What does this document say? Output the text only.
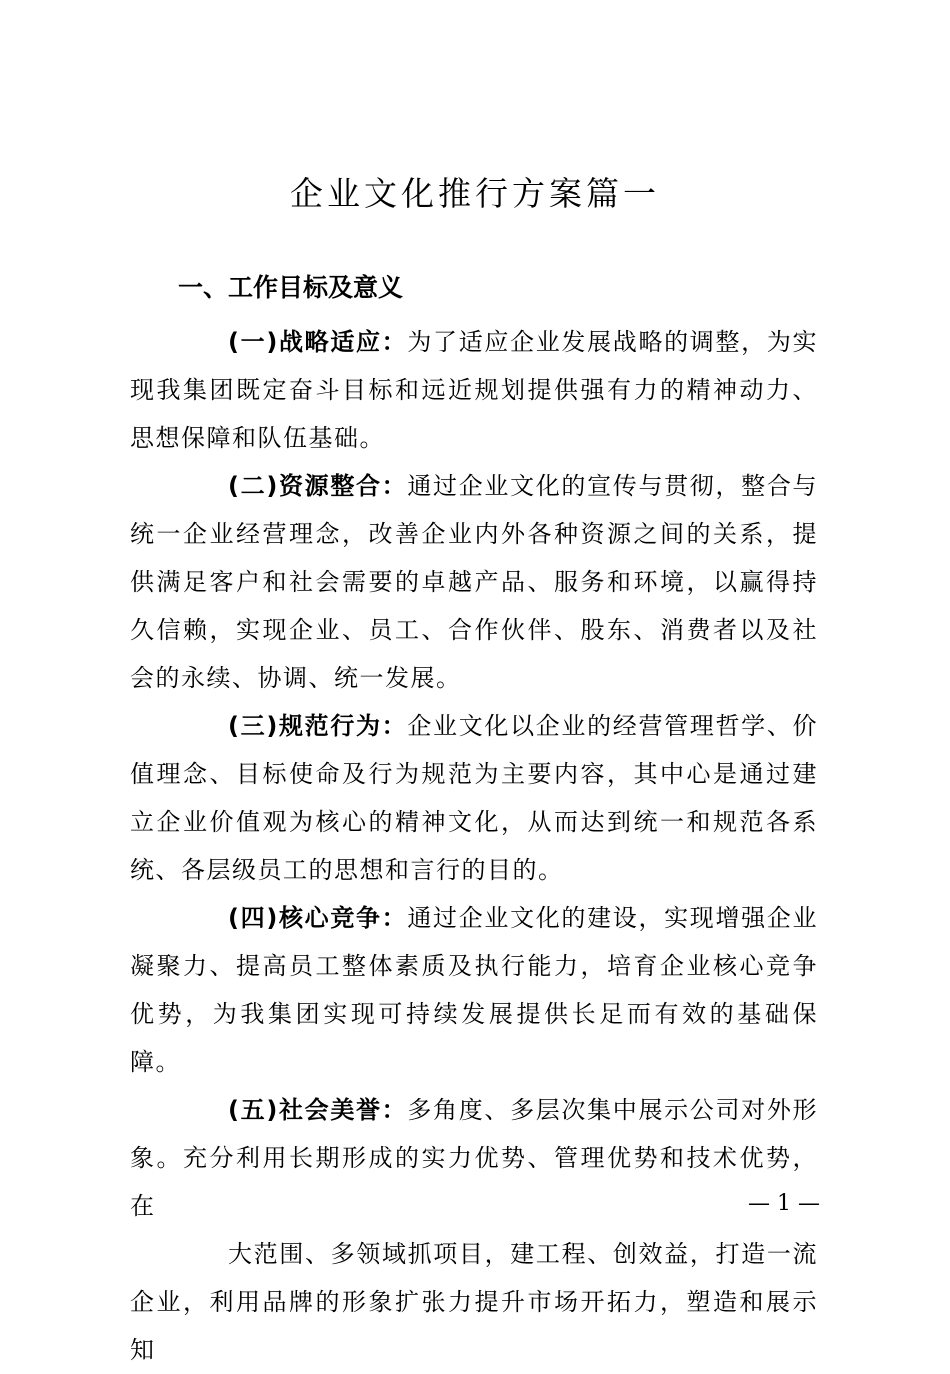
企业文化推行方案篇一
一、工作目标及意义

(一)战略适应：为了适应企业发展战略的调整，为实现我集团既定奋斗目标和远近规划提供强有力的精神动力、思想保障和队伍基础。

(二)资源整合：通过企业文化的宣传与贯彻，整合与统一企业经营理念，改善企业内外各种资源之间的关系，提供满足客户和社会需要的卓越产品、服务和环境，以赢得持久信赖，实现企业、员工、合作伙伴、股东、消费者以及社会的永续、协调、统一发展。

(三)规范行为：企业文化以企业的经营管理哲学、价值理念、目标使命及行为规范为主要内容，其中心是通过建立企业价值观为核心的精神文化，从而达到统一和规范各系统、各层级员工的思想和言行的目的。

(四)核心竞争：通过企业文化的建设，实现增强企业凝聚力、提高员工整体素质及执行能力，培育企业核心竞争优势，为我集团实现可持续发展提供长足而有效的基础保障。

(五)社会美誉：多角度、多层次集中展示公司对外形象。充分利用长期形成的实力优势、管理优势和技术优势，在

大范围、多领域抓项目，建工程、创效益，打造一流企业，利用品牌的形象扩张力提升市场开拓力，塑造和展示知

— 1 —
